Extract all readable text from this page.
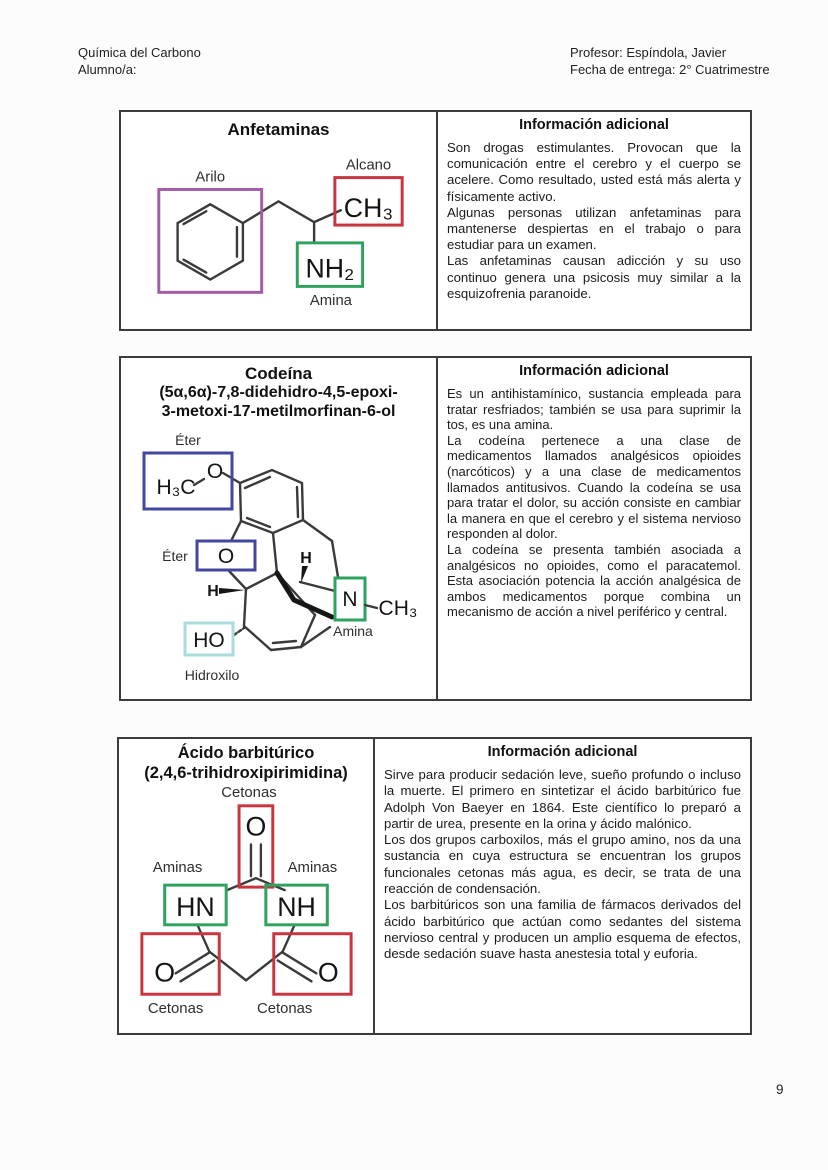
Química del Carbono
Alumno/a:
Profesor: Espíndola, Javier
Fecha de entrega: 2° Cuatrimestre
Anfetaminas
Arilo
Alcano
CH₃
NH₂
Amina
Información adicional

Son drogas estimulantes. Provocan que la comunicación entre el cerebro y el cuerpo se acelere. Como resultado, usted está más alerta y físicamente activo.

Algunas personas utilizan anfetaminas para mantenerse despiertas en el trabajo o para estudiar para un examen.

Las anfetaminas causan adicción y su uso continuo genera una psicosis muy similar a la esquizofrenia paranoide.

Codeína
(5α,6α)-7,8-didehidro-4,5-epoxi-
3-metoxi-17-metilmorfinan-6-ol
Éter
Éter
H₃C
O
O
HO
N CH₃
H
H
Amina
Hidroxilo
Información adicional

Es un antihistamínico, sustancia empleada para tratar resfriados; también se usa para suprimir la tos, es una amina.

La codeína pertenece a una clase de medicamentos llamados analgésicos opioides (narcóticos) y a una clase de medicamentos llamados antitusivos. Cuando la codeína se usa para tratar el dolor, su acción consiste en cambiar la manera en que el cerebro y el sistema nervioso responden al dolor.

La codeína se presenta también asociada a analgésicos no opioides, como el paracatemol. Esta asociación potencia la acción analgésica de ambos medicamentos porque combina un mecanismo de acción a nivel periférico y central.

Ácido barbitúrico
(2,4,6-trihidroxipirimidina)
Cetonas
Aminas	Aminas
O
HN NH
O	O
Cetonas	Cetonas
Información adicional

Sirve para producir sedación leve, sueño profundo o incluso la muerte. El primero en sintetizar el ácido barbitúrico fue Adolph Von Baeyer en 1864. Este científico lo preparó a partir de urea, presente en la orina y ácido malónico.

Los dos grupos carboxilos, más el grupo amino, nos da una sustancia en cuya estructura se encuentran los grupos funcionales cetonas más agua, es decir, se trata de una reacción de condensación.

Los barbitúricos son una familia de fármacos derivados del ácido barbitúrico que actúan como sedantes del sistema nervioso central y producen un amplio esquema de efectos, desde sedación suave hasta anestesia total y euforia.

9
